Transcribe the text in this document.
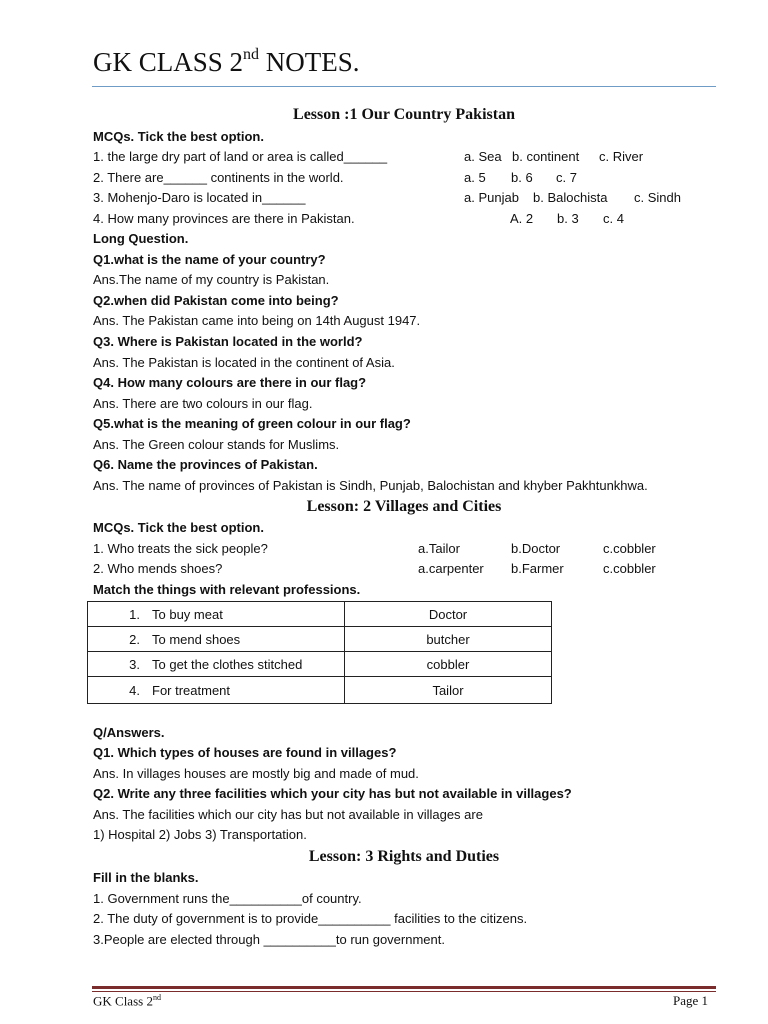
GK CLASS 2nd NOTES.
Lesson :1 Our Country Pakistan
MCQs. Tick the best option.
1. the large dry part of land or area is called______	a. Sea b. continent c. River
2. There are______ continents in the world.	a. 5 b. 6 c. 7
3. Mohenjo-Daro is located in______	a. Punjab b. Balochista c. Sindh
4. How many provinces are there in Pakistan.	A. 2 b. 3 c. 4
Long Question.
Q1.what is the name of your country?
Ans.The name of my country is Pakistan.
Q2.when did Pakistan come into being?
Ans. The Pakistan came into being on 14th August 1947.
Q3. Where is Pakistan located in the world?
Ans. The Pakistan is located in the continent of Asia.
Q4. How many colours are there in our flag?
Ans. There are two colours in our flag.
Q5.what is the meaning of green colour in our flag?
Ans. The Green colour stands for Muslims.
Q6. Name the provinces of Pakistan.
Ans. The name of provinces of Pakistan is Sindh, Punjab, Balochistan and khyber Pakhtunkhwa.
Lesson: 2 Villages and Cities
MCQs. Tick the best option.
1. Who treats the sick people?	a.Tailor	b.Doctor	c.cobbler
2. Who mends shoes?	a.carpenter b.Farmer	c.cobbler
Match the things with relevant professions.
1. To buy meat	Doctor
2. To mend shoes	butcher
3. To get the clothes stitched	cobbler
4. For treatment	Tailor
Q/Answers.
Q1. Which types of houses are found in villages?
Ans. In villages houses are mostly big and made of mud.
Q2. Write any three facilities which your city has but not available in villages?
Ans. The facilities which our city has but not available in villages are
1) Hospital 2) Jobs 3) Transportation.
Lesson: 3 Rights and Duties
Fill in the blanks.
1. Government runs the__________of country.
2. The duty of government is to provide__________ facilities to the citizens.
3.People are elected through __________to run government.
GK Class 2nd	Page 1
